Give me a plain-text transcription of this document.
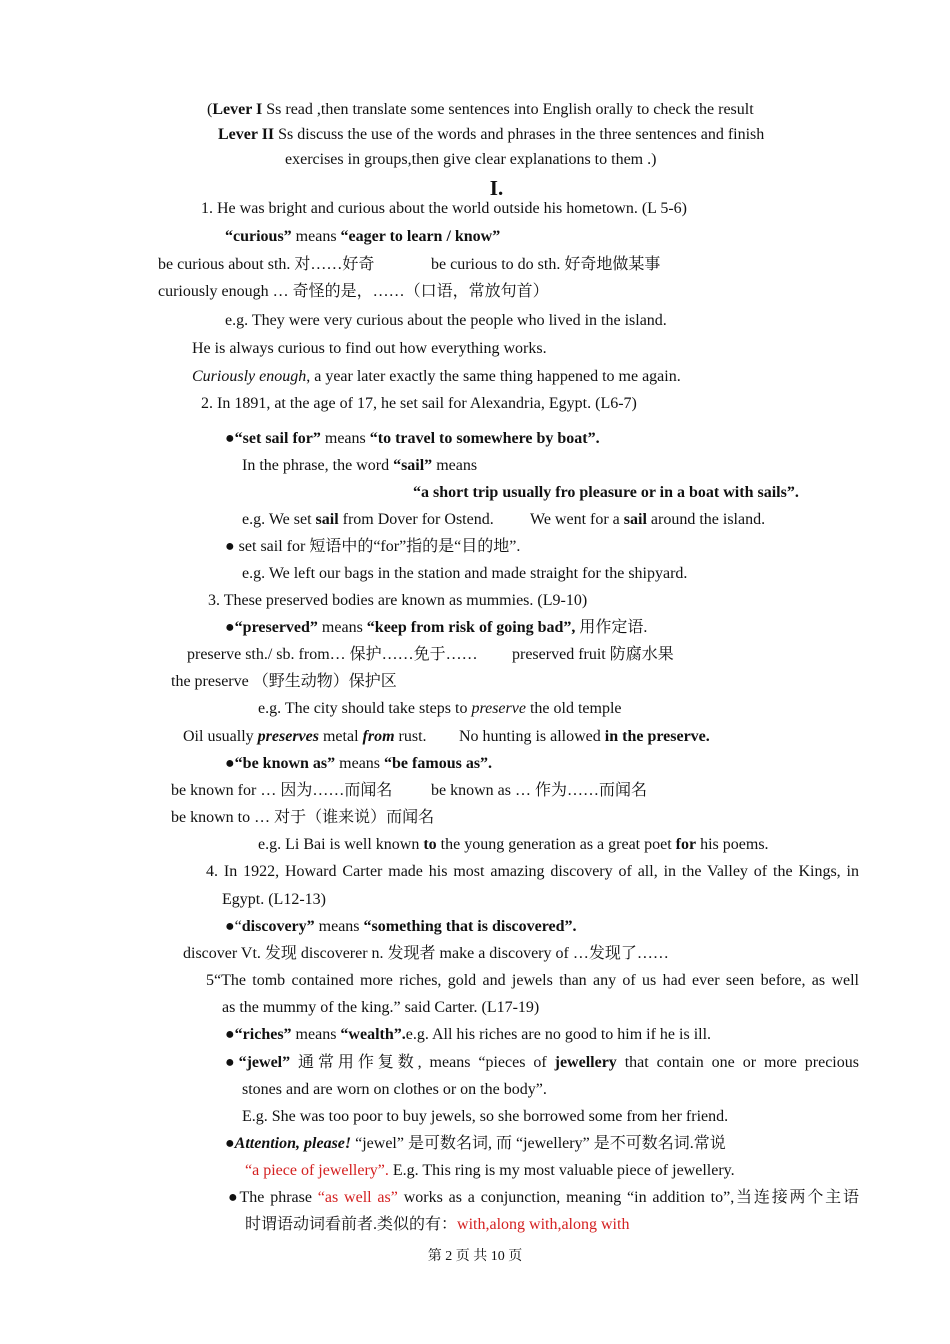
(Lever I Ss read ,then translate some sentences into English orally to check the result
Lever II Ss discuss the use of the words and phrases in the three sentences and finish
exercises in groups,then give clear explanations to them .)
I.
1. He was bright and curious about the world outside his hometown. (L 5-6)
“curious” means “eager to learn / know”
be curious about sth. 对……好奇	be curious to do sth. 好奇地做某事
curiously enough … 奇怪的是，……（口语，常放句首）
e.g. They were very curious about the people who lived in the island.
He is always curious to find out how everything works.
Curiously enough, a year later exactly the same thing happened to me again.
2. In 1891, at the age of 17, he set sail for Alexandria, Egypt. (L6-7)
●“set sail for” means “to travel to somewhere by boat”.
In the phrase, the word “sail” means
“a short trip usually fro pleasure or in a boat with sails”.
e.g. We set sail from Dover for Ostend. We went for a sail around the island.
● set sail for 短语中的“for”指的是“目的地”.
e.g. We left our bags in the station and made straight for the shipyard.
3. These preserved bodies are known as mummies. (L9-10)
●“preserved” means “keep from risk of going bad”, 用作定语.
preserve sth./ sb. from… 保护……免于…… preserved fruit 防腐水果
the preserve （野生动物）保护区
e.g. The city should take steps to preserve the old temple
Oil usually preserves metal from rust. No hunting is allowed in the preserve.
●“be known as” means “be famous as”.
be known for … 因为……而闻名 be known as … 作为……而闻名
be known to … 对于（谁来说）而闻名
e.g. Li Bai is well known to the young generation as a great poet for his poems.
4. In 1922, Howard Carter made his most amazing discovery of all, in the Valley of the Kings, in
Egypt. (L12-13)
●“discovery” means “something that is discovered”.
discover Vt. 发现 discoverer n. 发现者 make a discovery of …发现了……
5“The tomb contained more riches, gold and jewels than any of us had ever seen before, as well
as the mummy of the king.” said Carter. (L17-19)
●“riches” means “wealth”.e.g. All his riches are no good to him if he is ill.
●“jewel” 通常用作复数, means “pieces of jewellery that contain one or more precious
stones and are worn on clothes or on the body”.
E.g. She was too poor to buy jewels, so she borrowed some from her friend.
●Attention, please! “jewel” 是可数名词, 而 “jewellery” 是不可数名词.常说
“a piece of jewellery”. E.g. This ring is my most valuable piece of jewellery.
●The phrase “as well as” works as a conjunction, meaning “in addition to”,当连接两个主语
时谓语动词看前者.类似的有：with,along with,along with
第 2 页 共 10 页
